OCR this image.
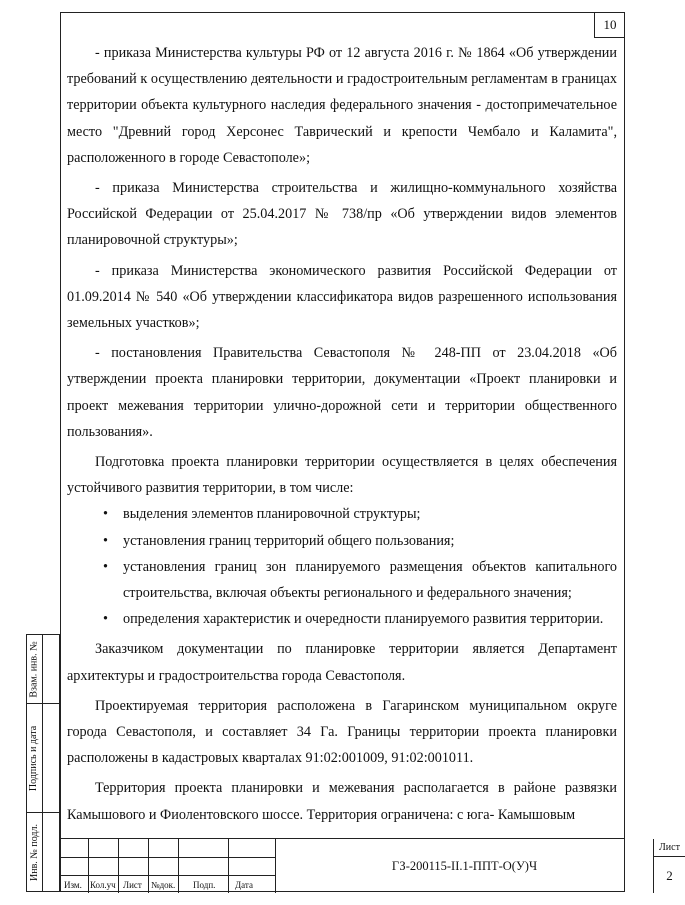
10

- приказа Министерства культуры РФ от 12 августа 2016 г. № 1864 «Об утверждении требований к осуществлению деятельности и градостроительным регламентам в границах территории объекта культурного наследия федерального значения - достопримечательное место "Древний город Херсонес Таврический и крепости Чембало и Каламита", расположенного в городе Севастополе»;

- приказа Министерства строительства и жилищно-коммунального хозяйства Российской Федерации от 25.04.2017 № 738/пр «Об утверждении видов элементов планировочной структуры»;

- приказа Министерства экономического развития Российской Федерации от 01.09.2014 № 540 «Об утверждении классификатора видов разрешенного использования земельных участков»;

- постановления Правительства Севастополя № 248-ПП от 23.04.2018 «Об утверждении проекта планировки территории, документации «Проект планировки и проект межевания территории улично-дорожной сети и территории общественного пользования».

Подготовка проекта планировки территории осуществляется в целях обеспечения устойчивого развития территории, в том числе:

• выделения элементов планировочной структуры;
• установления границ территорий общего пользования;
• установления границ зон планируемого размещения объектов капитального строительства, включая объекты регионального и федерального значения;
• определения характеристик и очередности планируемого развития территории.

Заказчиком документации по планировке территории является Департамент архитектуры и градостроительства города Севастополя.

Проектируемая территория расположена в Гагаринском муниципальном округе города Севастополя, и составляет 34 Га. Границы территории проекта планировки расположены в кадастровых кварталах 91:02:001009, 91:02:001011.

Территория проекта планировки и межевания располагается в районе развязки Камышового и Фиолентовского шоссе. Территория ограничена: с юга- Камышовым

Взам. инв. №
Подпись и дата
Инв. № подл.
Изм. Кол.уч Лист №док. Подп. Дата
ГЗ-200115-II.1-ППТ-О(У)Ч
Лист
2
